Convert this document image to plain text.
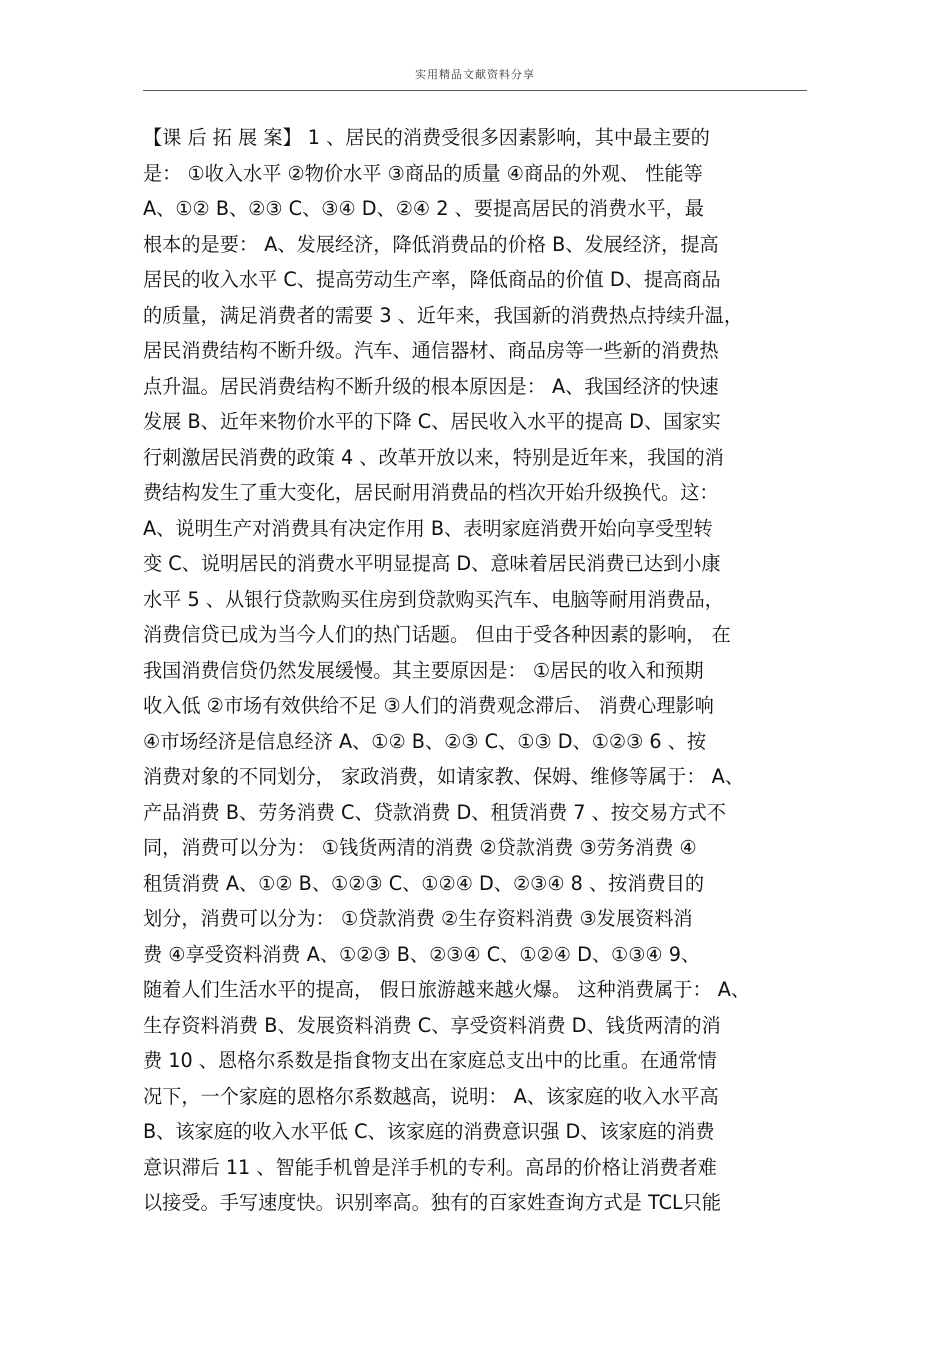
实用精品文献资料分享
【课 后 拓 展 案】 1 、居民的消费受很多因素影响，其中最主要的
是： ①收入水平 ②物价水平 ③商品的质量 ④商品的外观、 性能等
A、①② B、②③ C、③④ D、②④ 2 、要提高居民的消费水平，最
根本的是要： A、发展经济，降低消费品的价格 B、发展经济，提高
居民的收入水平 C、提高劳动生产率，降低商品的价值 D、提高商品
的质量，满足消费者的需要 3 、近年来，我国新的消费热点持续升温，
居民消费结构不断升级。汽车、通信器材、商品房等一些新的消费热
点升温。居民消费结构不断升级的根本原因是： A、我国经济的快速
发展 B、近年来物价水平的下降 C、居民收入水平的提高 D、国家实
行刺激居民消费的政策 4 、改革开放以来，特别是近年来，我国的消
费结构发生了重大变化，居民耐用消费品的档次开始升级换代。这：
A、说明生产对消费具有决定作用 B、表明家庭消费开始向享受型转
变 C、说明居民的消费水平明显提高 D、意味着居民消费已达到小康
水平 5 、从银行贷款购买住房到贷款购买汽车、电脑等耐用消费品，
消费信贷已成为当今人们的热门话题。 但由于受各种因素的影响， 在
我国消费信贷仍然发展缓慢。其主要原因是： ①居民的收入和预期
收入低 ②市场有效供给不足 ③人们的消费观念滞后、 消费心理影响
④市场经济是信息经济 A、①② B、②③ C、①③ D、①②③ 6 、按
消费对象的不同划分， 家政消费，如请家教、保姆、维修等属于： A、
产品消费 B、劳务消费 C、贷款消费 D、租赁消费 7 、按交易方式不
同，消费可以分为： ①钱货两清的消费 ②贷款消费 ③劳务消费 ④
租赁消费 A、①② B、①②③ C、①②④ D、②③④ 8 、按消费目的
划分，消费可以分为： ①贷款消费 ②生存资料消费 ③发展资料消
费 ④享受资料消费 A、①②③ B、②③④ C、①②④ D、①③④ 9、
随着人们生活水平的提高， 假日旅游越来越火爆。 这种消费属于： A、
生存资料消费 B、发展资料消费 C、享受资料消费 D、钱货两清的消
费 10 、恩格尔系数是指食物支出在家庭总支出中的比重。在通常情
况下，一个家庭的恩格尔系数越高，说明： A、该家庭的收入水平高
B、该家庭的收入水平低 C、该家庭的消费意识强 D、该家庭的消费
意识滞后 11 、智能手机曾是洋手机的专利。高昂的价格让消费者难
以接受。手写速度快。识别率高。独有的百家姓查询方式是 TCL只能
